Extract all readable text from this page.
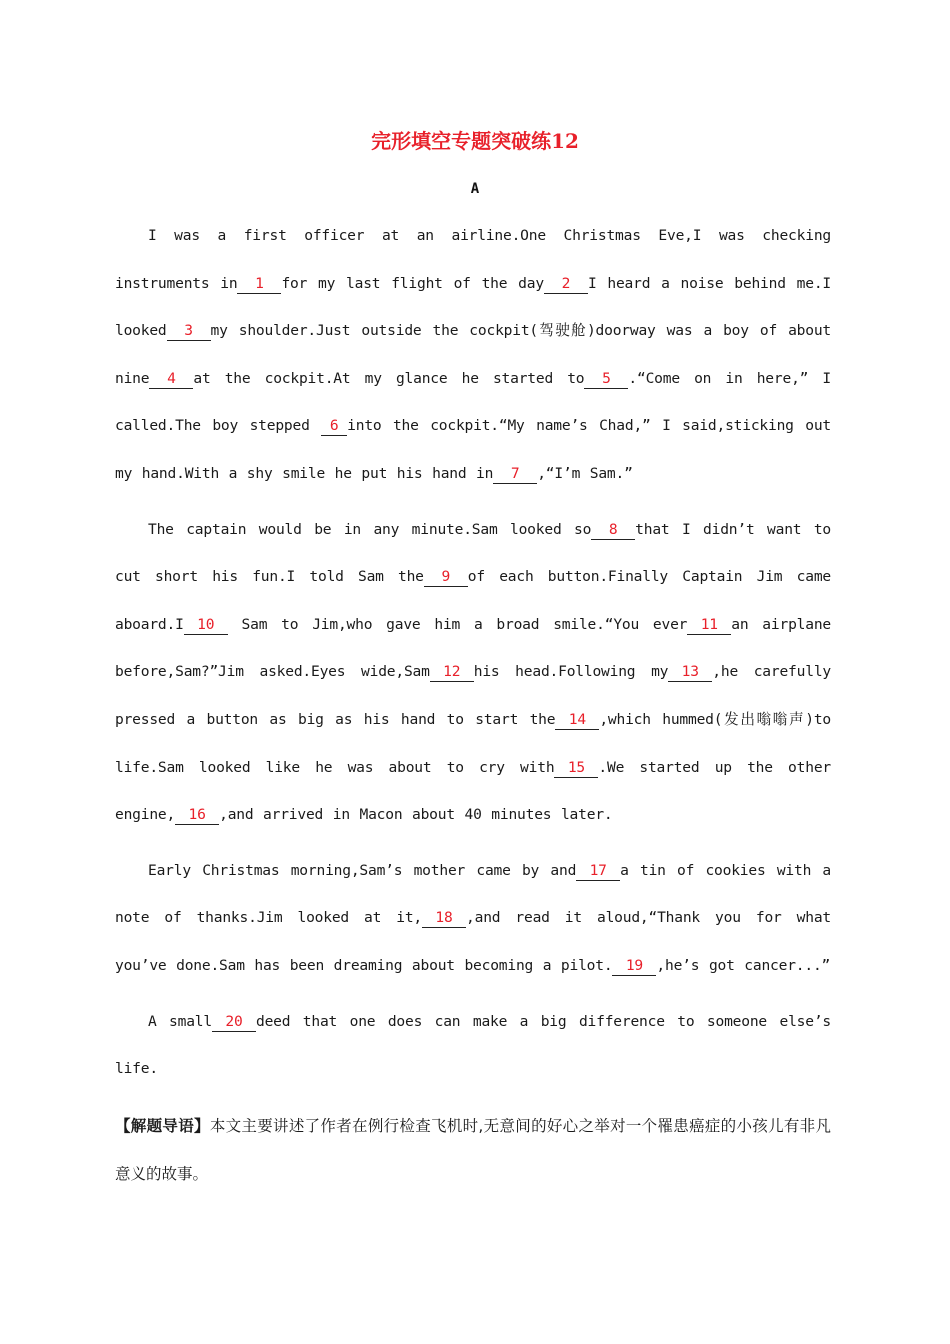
完形填空专题突破练12
A

I was a first officer at an airline.One Christmas Eve,I was checking instruments in 1 for my last flight of the day 2 I heard a noise behind me.I looked 3 my shoulder.Just outside the cockpit(驾驶舱)doorway was a boy of about nine 4 at the cockpit.At my glance he started to 5 .“Come on in here,” I called.The boy stepped 6 into the cockpit.“My name’s Chad,” I said,sticking out my hand.With a shy smile he put his hand in 7 ,“I’m Sam.”

The captain would be in any minute.Sam looked so 8 that I didn’t want to cut short his fun.I told Sam the 9 of each button.Finally Captain Jim came aboard.I 10 Sam to Jim,who gave him a broad smile.“You ever 11 an airplane before,Sam?”Jim asked.Eyes wide,Sam 12 his head.Following my 13 ,he carefully pressed a button as big as his hand to start the 14 ,which hummed(发出嗡嗡声)to life.Sam looked like he was about to cry with 15 .We started up the other engine, 16 ,and arrived in Macon about 40 minutes later.

Early Christmas morning,Sam’s mother came by and 17 a tin of cookies with a note of thanks.Jim looked at it, 18 ,and read it aloud,“Thank you for what you’ve done.Sam has been dreaming about becoming a pilot. 19 ,he’s got cancer...”

A small 20 deed that one does can make a big difference to someone else’s life.

【解题导语】本文主要讲述了作者在例行检查飞机时,无意间的好心之举对一个罹患癌症的小孩儿有非凡意义的故事。
